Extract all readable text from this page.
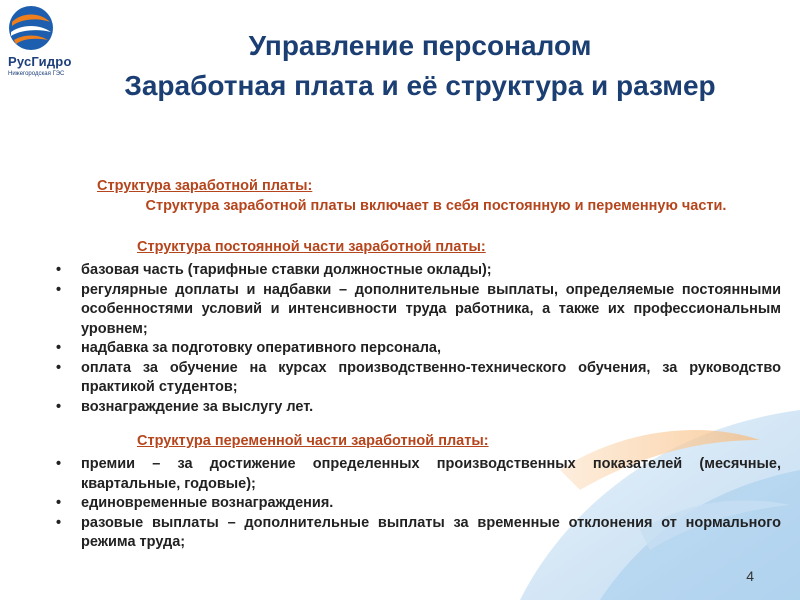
РусГидро
Нижегородская ГЭС
Управление персоналом
Заработная плата и её структура и размер
Структура заработной платы:
Структура заработной платы включает в себя постоянную и переменную части.
Структура постоянной части заработной платы:
• базовая часть (тарифные ставки должностные оклады);
• регулярные доплаты и надбавки – дополнительные выплаты, определяемые постоянными особенностями условий и интенсивности труда работника, а также их профессиональным уровнем;
• надбавка за подготовку оперативного персонала,
• оплата за обучение на курсах производственно-технического обучения, за руководство практикой студентов;
• вознаграждение за выслугу лет.
Структура переменной части заработной платы:
• премии – за достижение определенных производственных показателей (месячные, квартальные, годовые);
• единовременные вознаграждения.
• разовые выплаты – дополнительные выплаты за временные отклонения от нормального режима труда;
4
